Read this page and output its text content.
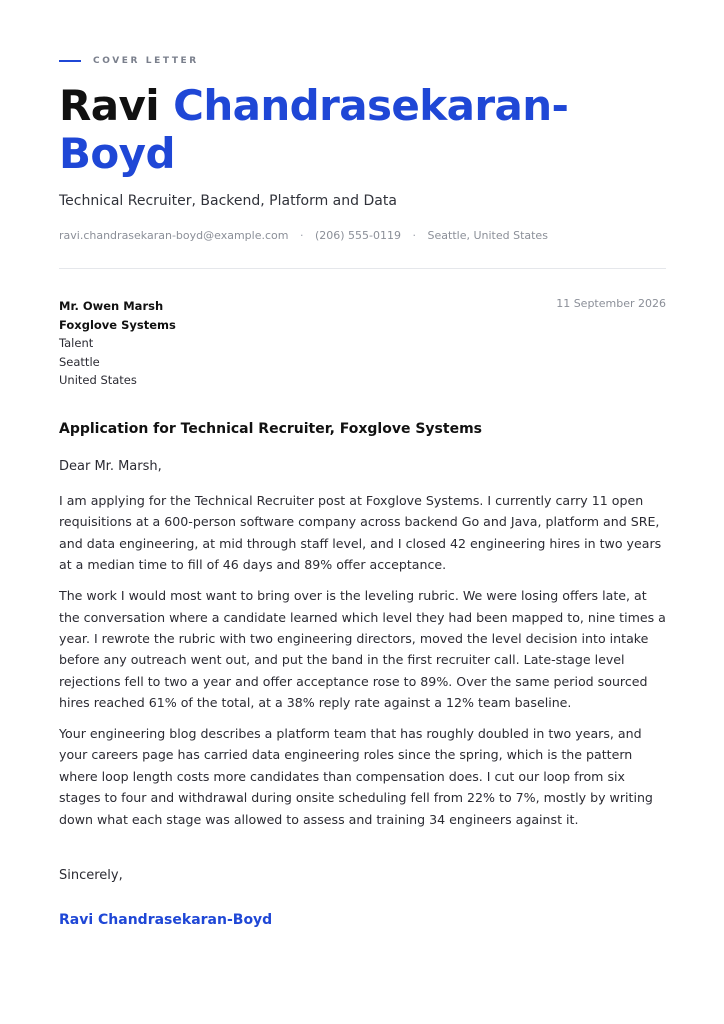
COVER LETTER
Ravi Chandrasekaran-Boyd
Technical Recruiter, Backend, Platform and Data
ravi.chandrasekaran-boyd@example.com · (206) 555-0119 · Seattle, United States
Mr. Owen Marsh
Foxglove Systems
Talent
Seattle
United States
11 September 2026
Application for Technical Recruiter, Foxglove Systems
Dear Mr. Marsh,

I am applying for the Technical Recruiter post at Foxglove Systems. I currently carry 11 open requisitions at a 600-person software company across backend Go and Java, platform and SRE, and data engineering, at mid through staff level, and I closed 42 engineering hires in two years at a median time to fill of 46 days and 89% offer acceptance.

The work I would most want to bring over is the leveling rubric. We were losing offers late, at the conversation where a candidate learned which level they had been mapped to, nine times a year. I rewrote the rubric with two engineering directors, moved the level decision into intake before any outreach went out, and put the band in the first recruiter call. Late-stage level rejections fell to two a year and offer acceptance rose to 89%. Over the same period sourced hires reached 61% of the total, at a 38% reply rate against a 12% team baseline.

Your engineering blog describes a platform team that has roughly doubled in two years, and your careers page has carried data engineering roles since the spring, which is the pattern where loop length costs more candidates than compensation does. I cut our loop from six stages to four and withdrawal during onsite scheduling fell from 22% to 7%, mostly by writing down what each stage was allowed to assess and training 34 engineers against it.

Sincerely,
Ravi Chandrasekaran-Boyd
